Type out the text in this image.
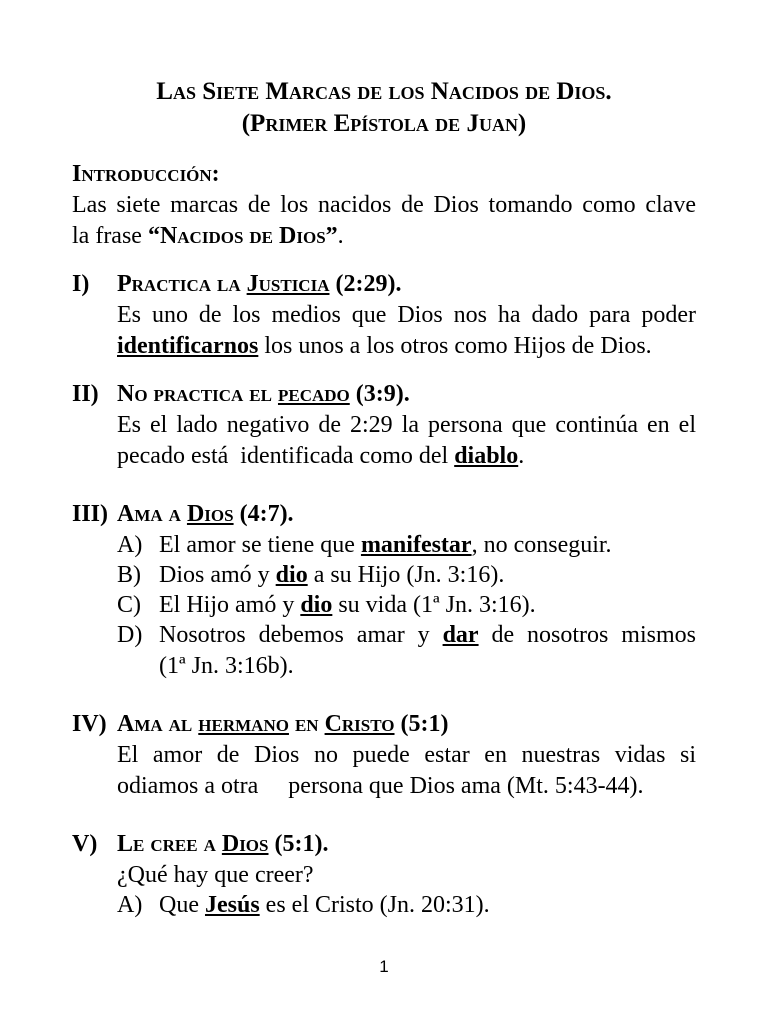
Las Siete Marcas de los Nacidos de Dios.
(Primer Epístola de Juan)

Introducción:

Las siete marcas de los nacidos de Dios tomando como clave

la frase “Nacidos de Dios”.

I) Practica la Justicia (2:29).

Es uno de los medios que Dios nos ha dado para poder

identificarnos los unos a los otros como Hijos de Dios.

II) No practica el pecado (3:9).

Es el lado negativo de 2:29 la persona que continúa en el

pecado está  identificada como del diablo.

III) Ama a Dios (4:7).

A) El amor se tiene que manifestar, no conseguir.

B) Dios amó y dio a su Hijo (Jn. 3:16).

C) El Hijo amó y dio su vida (1ª Jn. 3:16).

D) Nosotros debemos amar y dar de nosotros mismos

(1ª Jn. 3:16b).

IV) Ama al hermano en Cristo (5:1)

El amor de Dios no puede estar en nuestras vidas si

odiamos a otra     persona que Dios ama (Mt. 5:43-44).

V) Le cree a Dios (5:1).

¿Qué hay que creer?

A) Que Jesús es el Cristo (Jn. 20:31).

1
